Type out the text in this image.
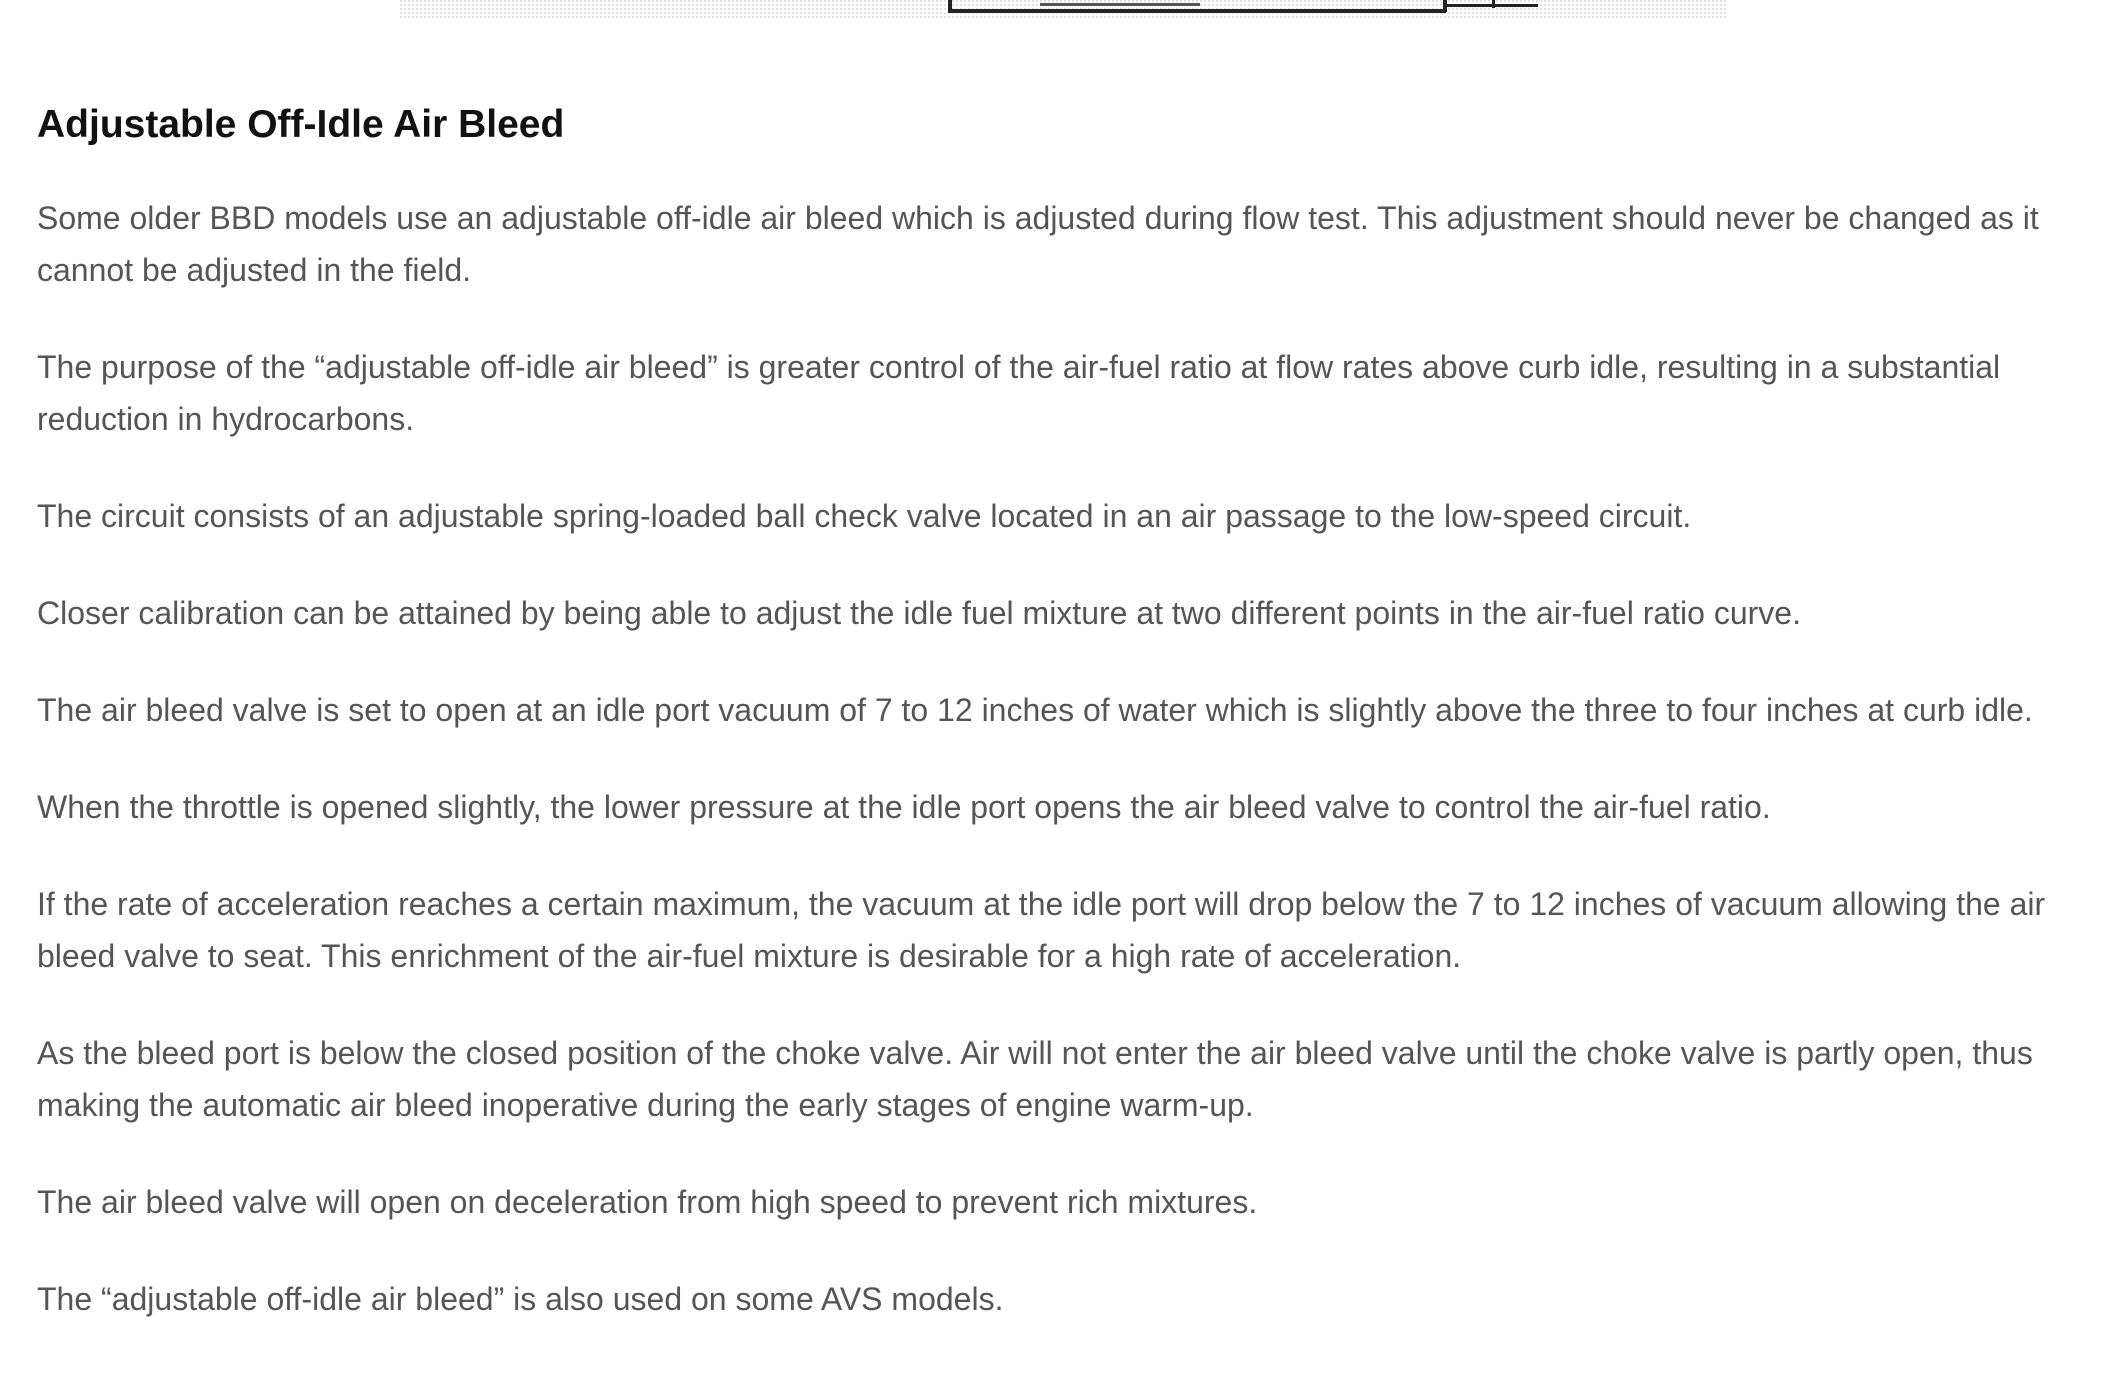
Adjustable Off-Idle Air Bleed

Some older BBD models use an adjustable off-idle air bleed which is adjusted during flow test. This adjustment should never be changed as it cannot be adjusted in the field.

The purpose of the “adjustable off-idle air bleed” is greater control of the air-fuel ratio at flow rates above curb idle, resulting in a substantial reduction in hydrocarbons.

The circuit consists of an adjustable spring-loaded ball check valve located in an air passage to the low-speed circuit.

Closer calibration can be attained by being able to adjust the idle fuel mixture at two different points in the air-fuel ratio curve.

The air bleed valve is set to open at an idle port vacuum of 7 to 12 inches of water which is slightly above the three to four inches at curb idle.

When the throttle is opened slightly, the lower pressure at the idle port opens the air bleed valve to control the air-fuel ratio.

If the rate of acceleration reaches a certain maximum, the vacuum at the idle port will drop below the 7 to 12 inches of vacuum allowing the air bleed valve to seat. This enrichment of the air-fuel mixture is desirable for a high rate of acceleration.

As the bleed port is below the closed position of the choke valve. Air will not enter the air bleed valve until the choke valve is partly open, thus making the automatic air bleed inoperative during the early stages of engine warm-up.

The air bleed valve will open on deceleration from high speed to prevent rich mixtures.

The “adjustable off-idle air bleed” is also used on some AVS models.
